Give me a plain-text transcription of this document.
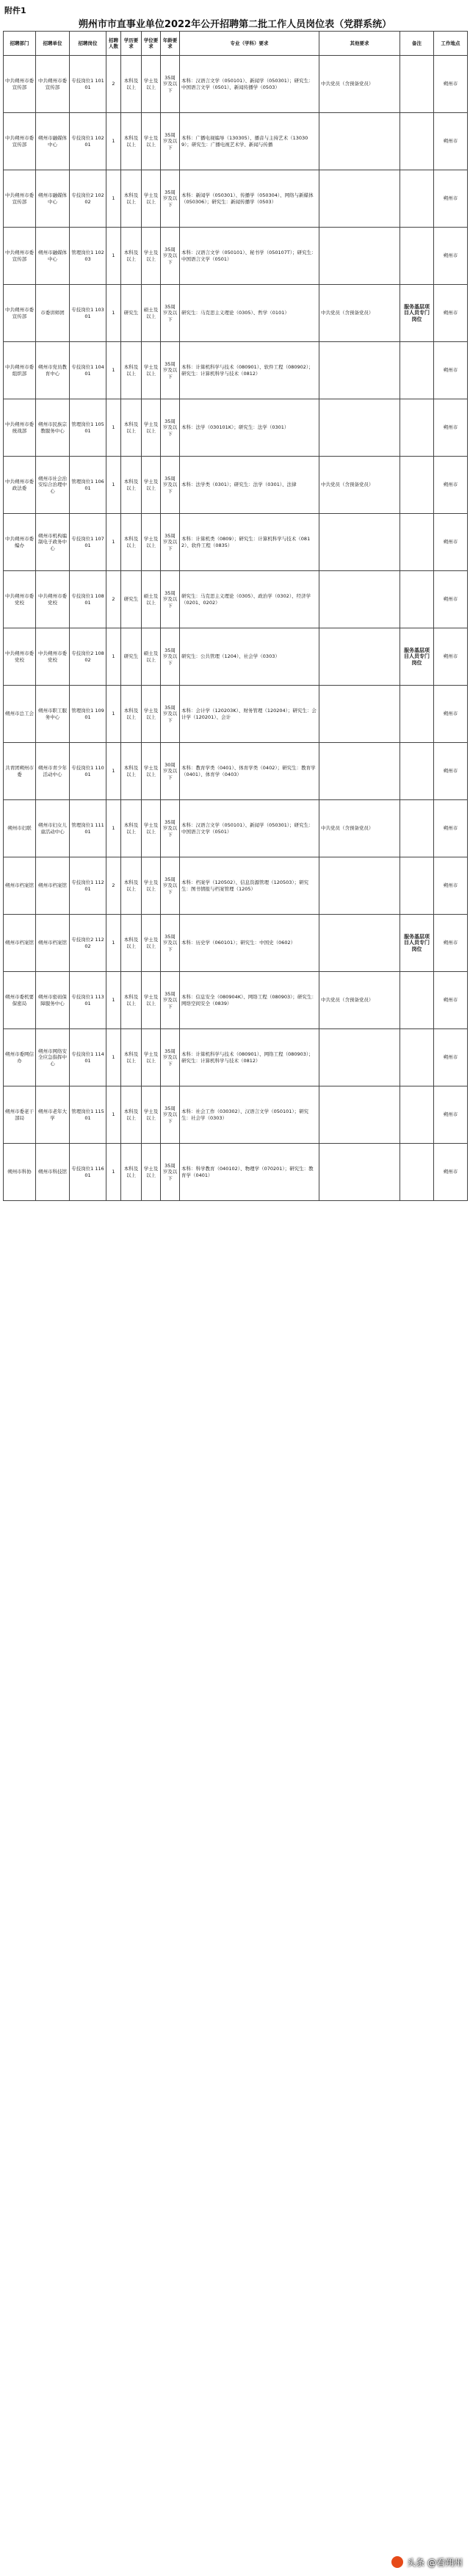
附件1
朔州市市直事业单位2022年公开招聘第二批工作人员岗位表（党群系统）
招聘部门	招聘单位	招聘岗位	招聘人数	学历要求	学位要求	年龄要求	专业（学科）要求	其他要求	备注	工作地点
中共朔州市委宣传部	中共朔州市委宣传部	专技岗位1 10101	2	本科及以上	学士及以上	35周岁及以下	本科：汉语言文学（050101）、新闻学（050301）；研究生：中国语言文学（0501）、新闻传播学（0503）	中共党员（含预备党员）		朔州市
中共朔州市委宣传部	朔州市融媒体中心	专技岗位1 10201	1	本科及以上	学士及以上	35周岁及以下	本科：广播电视编导（130305）、播音与主持艺术（130309）；研究生：广播电视艺术学、新闻与传播			朔州市
中共朔州市委宣传部	朔州市融媒体中心	专技岗位2 10202	1	本科及以上	学士及以上	35周岁及以下	本科：新闻学（050301）、传播学（050304）、网络与新媒体（050306）；研究生：新闻传播学（0503）			朔州市
中共朔州市委宣传部	朔州市融媒体中心	管理岗位1 10203	1	本科及以上	学士及以上	35周岁及以下	本科：汉语言文学（050101）、秘书学（050107T）；研究生：中国语言文学（0501）			朔州市
中共朔州市委宣传部	市委讲师团	专技岗位1 10301	1	研究生	硕士及以上	35周岁及以下	研究生：马克思主义理论（0305）、哲学（0101）	中共党员（含预备党员）	服务基层项目人员专门岗位	朔州市
中共朔州市委组织部	朔州市党员教育中心	专技岗位1 10401	1	本科及以上	学士及以上	35周岁及以下	本科：计算机科学与技术（080901）、软件工程（080902）；研究生：计算机科学与技术（0812）			朔州市
中共朔州市委统战部	朔州市民族宗教服务中心	管理岗位1 10501	1	本科及以上	学士及以上	35周岁及以下	本科：法学（030101K）；研究生：法学（0301）			朔州市
中共朔州市委政法委	朔州市社会治安综合治理中心	管理岗位1 10601	1	本科及以上	学士及以上	35周岁及以下	本科：法学类（0301）；研究生：法学（0301）、法律	中共党员（含预备党员）		朔州市
中共朔州市委编办	朔州市机构编制电子政务中心	专技岗位1 10701	1	本科及以上	学士及以上	35周岁及以下	本科：计算机类（0809）；研究生：计算机科学与技术（0812）、软件工程（0835）			朔州市
中共朔州市委党校	中共朔州市委党校	专技岗位1 10801	2	研究生	硕士及以上	35周岁及以下	研究生：马克思主义理论（0305）、政治学（0302）、经济学（0201、0202）			朔州市
中共朔州市委党校	中共朔州市委党校	专技岗位2 10802	1	研究生	硕士及以上	35周岁及以下	研究生：公共管理（1204）、社会学（0303）		服务基层项目人员专门岗位	朔州市
朔州市总工会	朔州市职工服务中心	管理岗位1 10901	1	本科及以上	学士及以上	35周岁及以下	本科：会计学（120203K）、财务管理（120204）；研究生：会计学（120201）、会计			朔州市
共青团朔州市委	朔州市青少年活动中心	专技岗位1 11001	1	本科及以上	学士及以上	30周岁及以下	本科：教育学类（0401）、体育学类（0402）；研究生：教育学（0401）、体育学（0403）			朔州市
朔州市妇联	朔州市妇女儿童活动中心	管理岗位1 11101	1	本科及以上	学士及以上	35周岁及以下	本科：汉语言文学（050101）、新闻学（050301）；研究生：中国语言文学（0501）	中共党员（含预备党员）		朔州市
朔州市档案馆	朔州市档案馆	专技岗位1 11201	2	本科及以上	学士及以上	35周岁及以下	本科：档案学（120502）、信息资源管理（120503）；研究生：图书情报与档案管理（1205）			朔州市
朔州市档案馆	朔州市档案馆	专技岗位2 11202	1	本科及以上	学士及以上	35周岁及以下	本科：历史学（060101）；研究生：中国史（0602）		服务基层项目人员专门岗位	朔州市
朔州市委机要保密局	朔州市密码保障服务中心	专技岗位1 11301	1	本科及以上	学士及以上	35周岁及以下	本科：信息安全（080904K）、网络工程（080903）；研究生：网络空间安全（0839）	中共党员（含预备党员）		朔州市
朔州市委网信办	朔州市网络安全应急指挥中心	专技岗位1 11401	1	本科及以上	学士及以上	35周岁及以下	本科：计算机科学与技术（080901）、网络工程（080903）；研究生：计算机科学与技术（0812）			朔州市
朔州市委老干部局	朔州市老年大学	管理岗位1 11501	1	本科及以上	学士及以上	35周岁及以下	本科：社会工作（030302）、汉语言文学（050101）；研究生：社会学（0303）			朔州市
朔州市科协	朔州市科技馆	专技岗位1 11601	1	本科及以上	学士及以上	35周岁及以下	本科：科学教育（040102）、物理学（070201）；研究生：教育学（0401）			朔州市
头条 @看朔州
